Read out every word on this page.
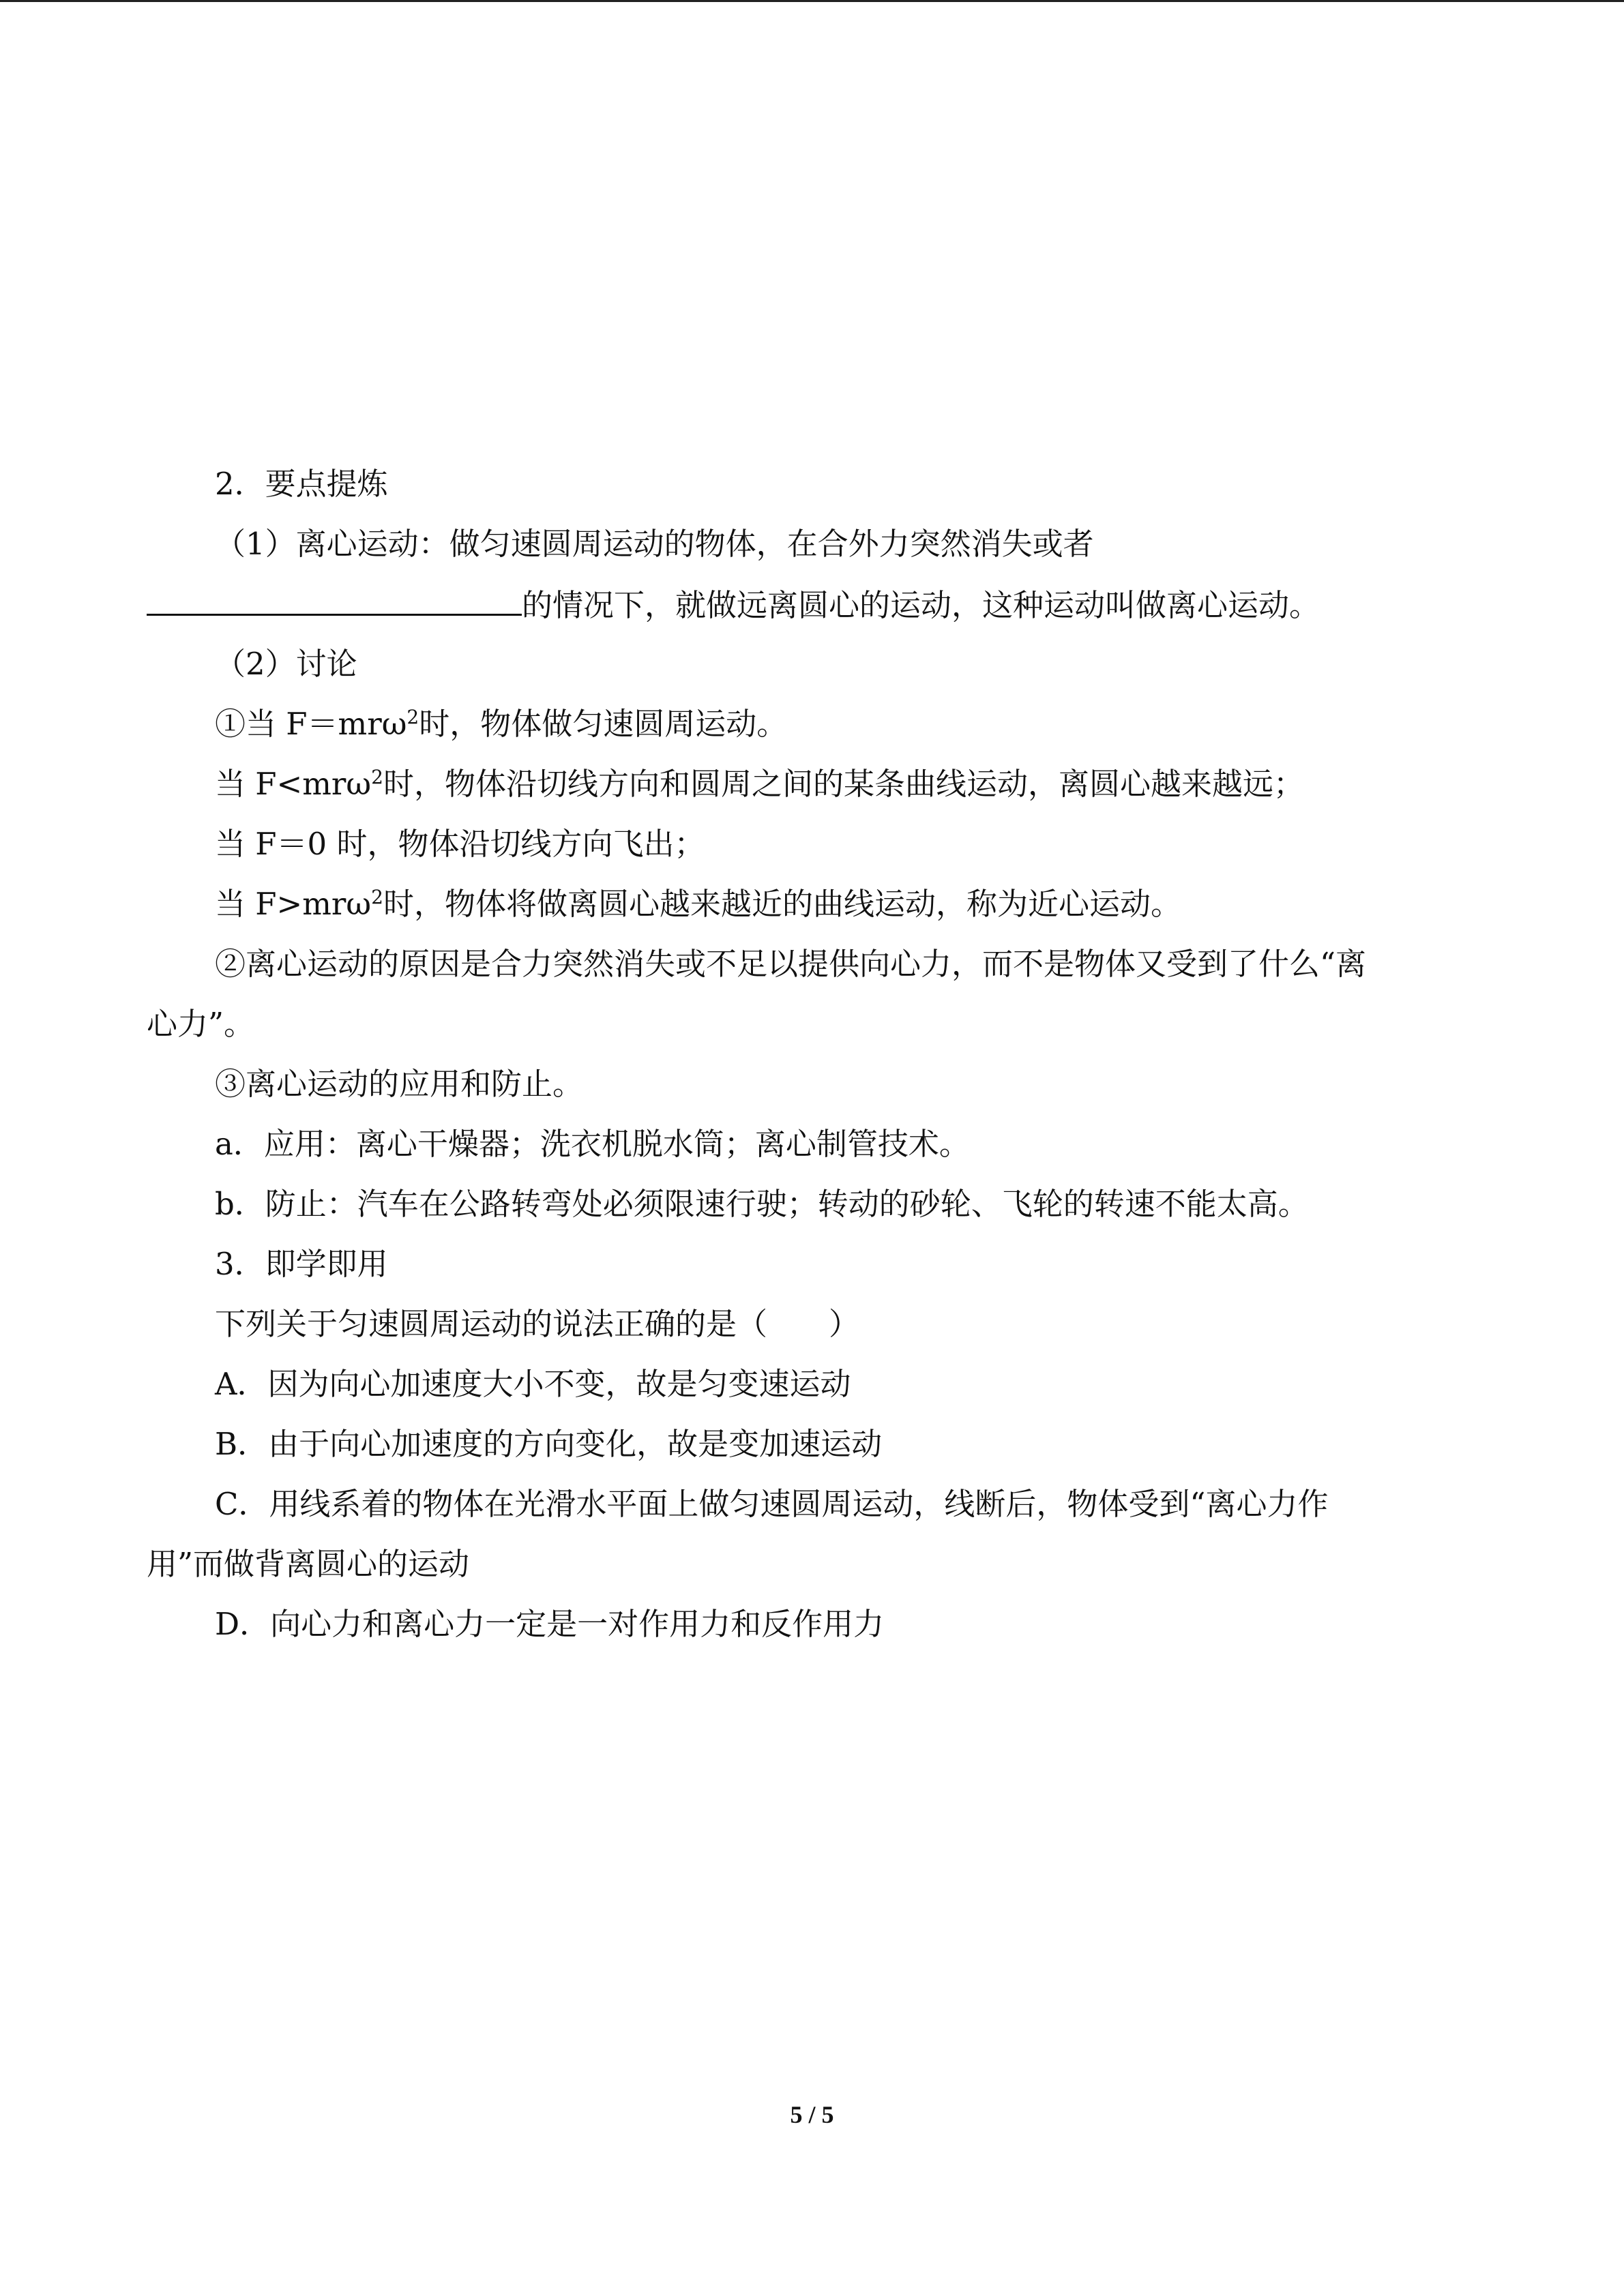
2．要点提炼
（1）离心运动：做匀速圆周运动的物体，在合外力突然消失或者
的情况下，就做远离圆心的运动，这种运动叫做离心运动。
（2）讨论
①当 F＝mrω$^2$时，物体做匀速圆周运动。
当 F<mrω$^2$时，物体沿切线方向和圆周之间的某条曲线运动，离圆心越来越远；
当 F＝0 时，物体沿切线方向飞出；
当 F>mrω$^2$时，物体将做离圆心越来越近的曲线运动，称为近心运动。
②离心运动的原因是合力突然消失或不足以提供向心力，而不是物体又受到了什么“离
心力”。
③离心运动的应用和防止。
a．应用：离心干燥器；洗衣机脱水筒；离心制管技术。
b．防止：汽车在公路转弯处必须限速行驶；转动的砂轮、飞轮的转速不能太高。
3．即学即用
下列关于匀速圆周运动的说法正确的是（　　）
A．因为向心加速度大小不变，故是匀变速运动
B．由于向心加速度的方向变化，故是变加速运动
C．用线系着的物体在光滑水平面上做匀速圆周运动，线断后，物体受到“离心力作
用”而做背离圆心的运动
D．向心力和离心力一定是一对作用力和反作用力
5 / 5
